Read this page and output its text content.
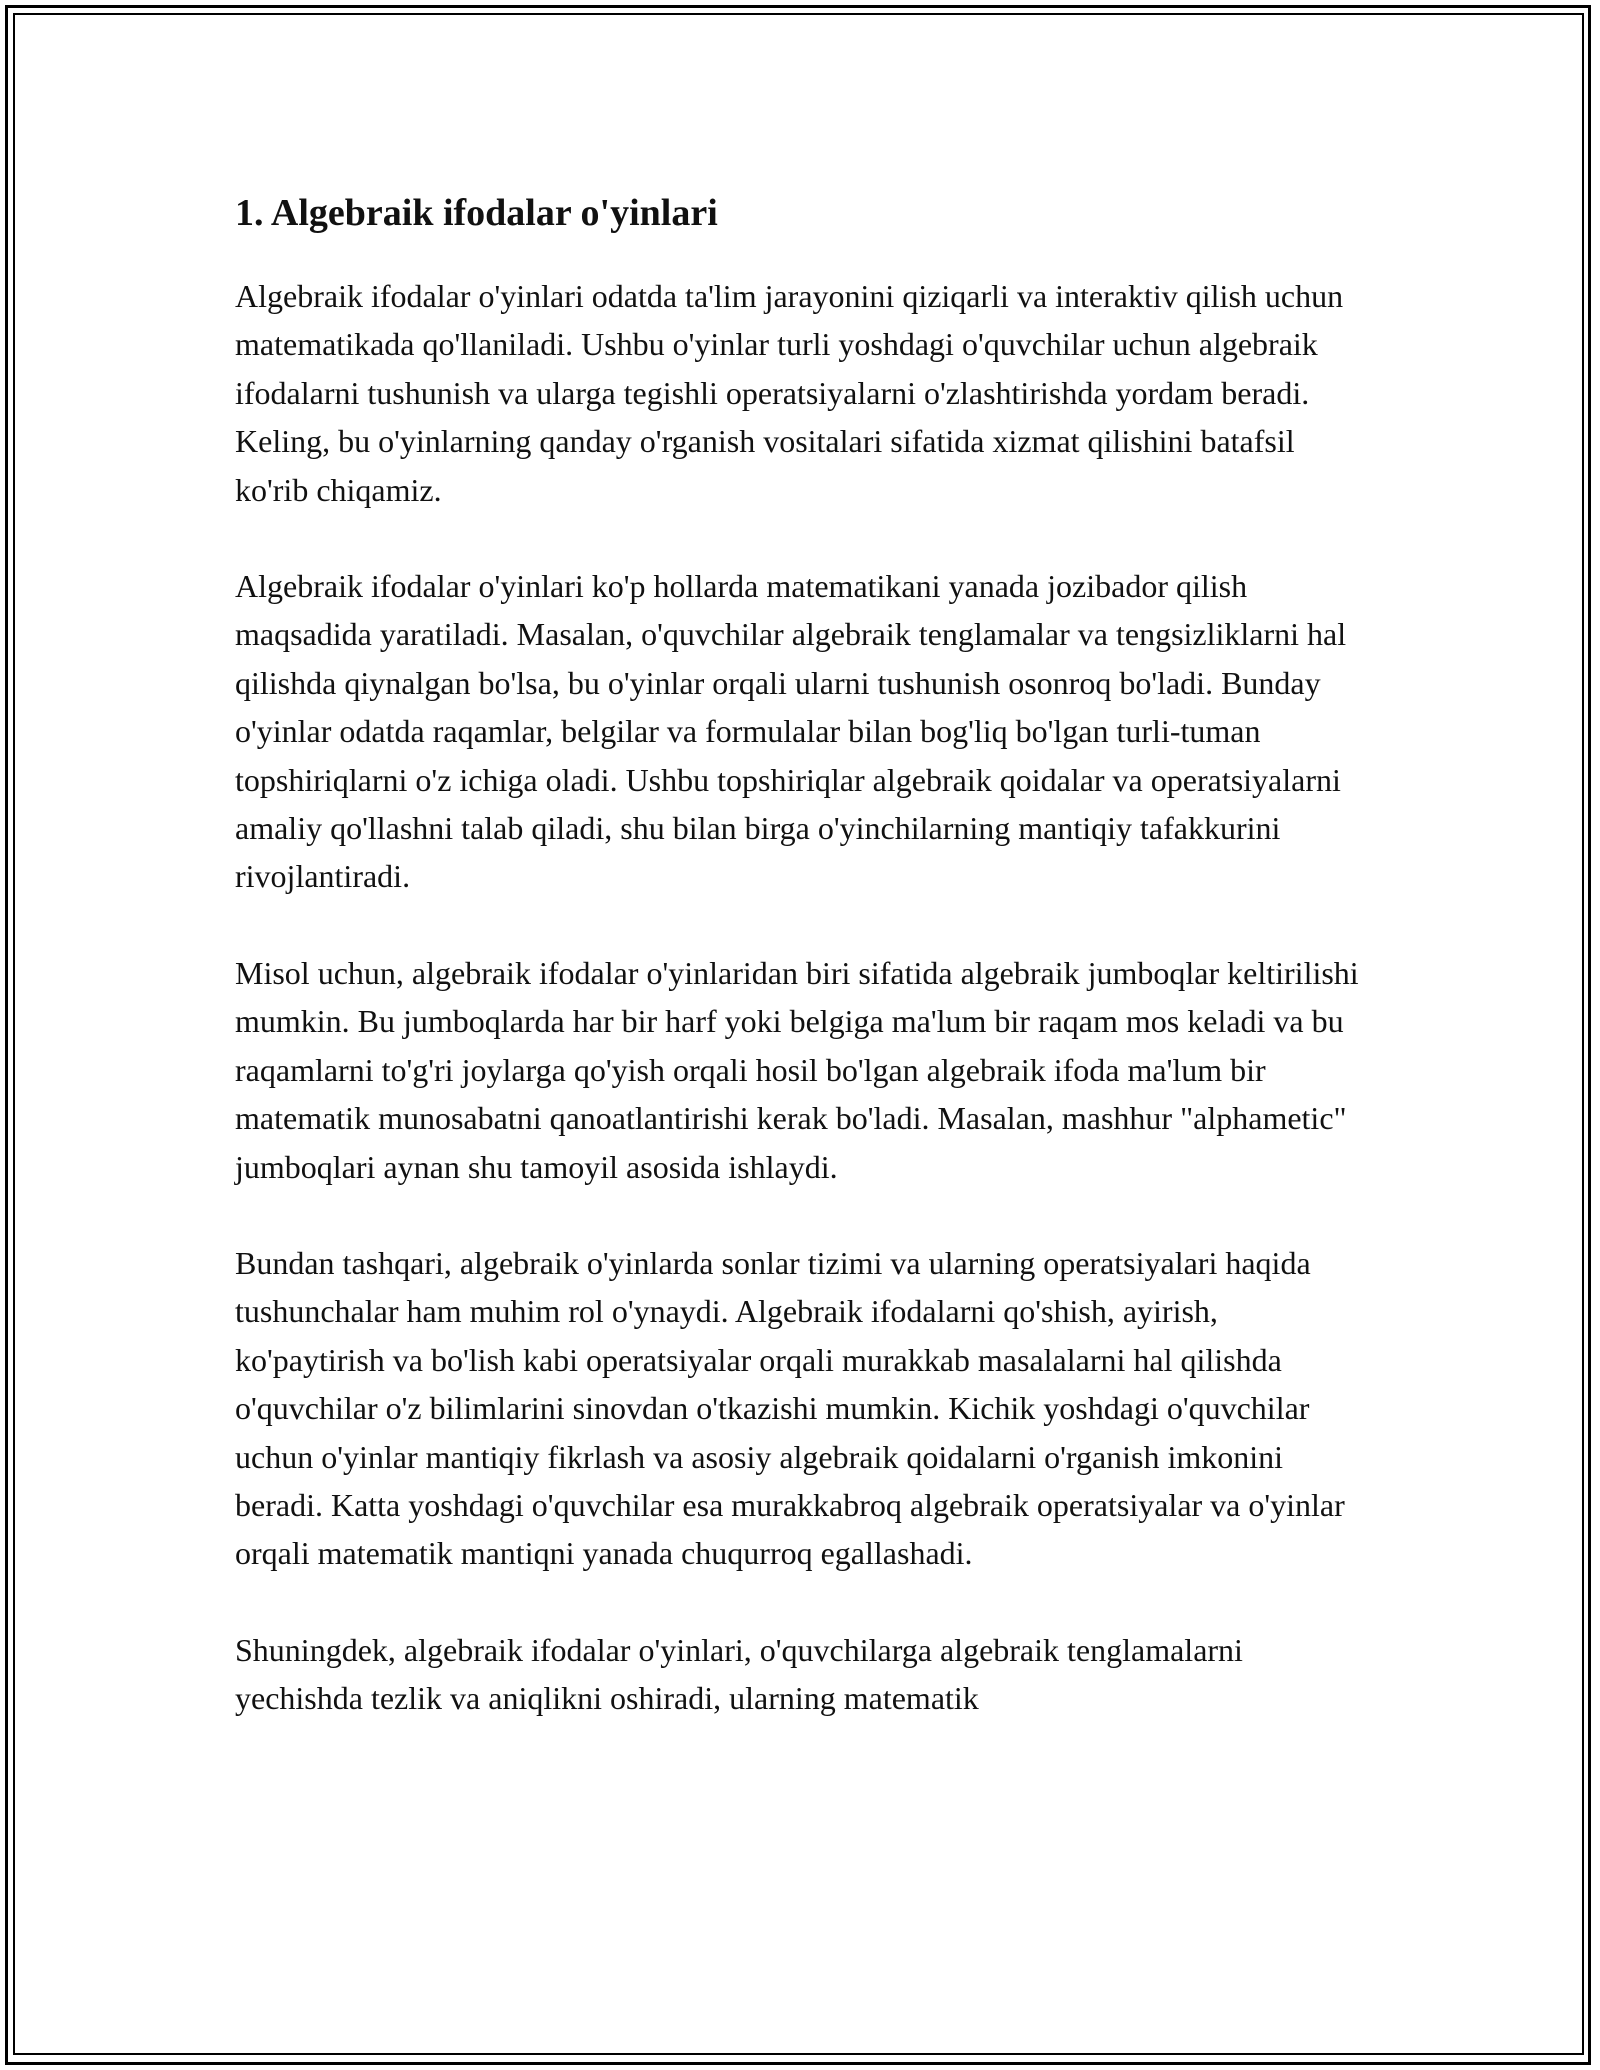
1. Algebraik ifodalar o'yinlari

Algebraik ifodalar o'yinlari odatda ta'lim jarayonini qiziqarli va interaktiv qilish uchun matematikada qo'llaniladi. Ushbu o'yinlar turli yoshdagi o'quvchilar uchun algebraik ifodalarni tushunish va ularga tegishli operatsiyalarni o'zlashtirishda yordam beradi. Keling, bu o'yinlarning qanday o'rganish vositalari sifatida xizmat qilishini batafsil ko'rib chiqamiz.

Algebraik ifodalar o'yinlari ko'p hollarda matematikani yanada jozibador qilish maqsadida yaratiladi. Masalan, o'quvchilar algebraik tenglamalar va tengsizliklarni hal qilishda qiynalgan bo'lsa, bu o'yinlar orqali ularni tushunish osonroq bo'ladi. Bunday o'yinlar odatda raqamlar, belgilar va formulalar bilan bog'liq bo'lgan turli-tuman topshiriqlarni o'z ichiga oladi. Ushbu topshiriqlar algebraik qoidalar va operatsiyalarni amaliy qo'llashni talab qiladi, shu bilan birga o'yinchilarning mantiqiy tafakkurini rivojlantiradi.

Misol uchun, algebraik ifodalar o'yinlaridan biri sifatida algebraik jumboqlar keltirilishi mumkin. Bu jumboqlarda har bir harf yoki belgiga ma'lum bir raqam mos keladi va bu raqamlarni to'g'ri joylarga qo'yish orqali hosil bo'lgan algebraik ifoda ma'lum bir matematik munosabatni qanoatlantirishi kerak bo'ladi. Masalan, mashhur "alphametic" jumboqlari aynan shu tamoyil asosida ishlaydi.

Bundan tashqari, algebraik o'yinlarda sonlar tizimi va ularning operatsiyalari haqida tushunchalar ham muhim rol o'ynaydi. Algebraik ifodalarni qo'shish, ayirish, ko'paytirish va bo'lish kabi operatsiyalar orqali murakkab masalalarni hal qilishda o'quvchilar o'z bilimlarini sinovdan o'tkazishi mumkin. Kichik yoshdagi o'quvchilar uchun o'yinlar mantiqiy fikrlash va asosiy algebraik qoidalarni o'rganish imkonini beradi. Katta yoshdagi o'quvchilar esa murakkabroq algebraik operatsiyalar va o'yinlar orqali matematik mantiqni yanada chuqurroq egallashadi.

Shuningdek, algebraik ifodalar o'yinlari, o'quvchilarga algebraik tenglamalarni yechishda tezlik va aniqlikni oshiradi, ularning matematik
